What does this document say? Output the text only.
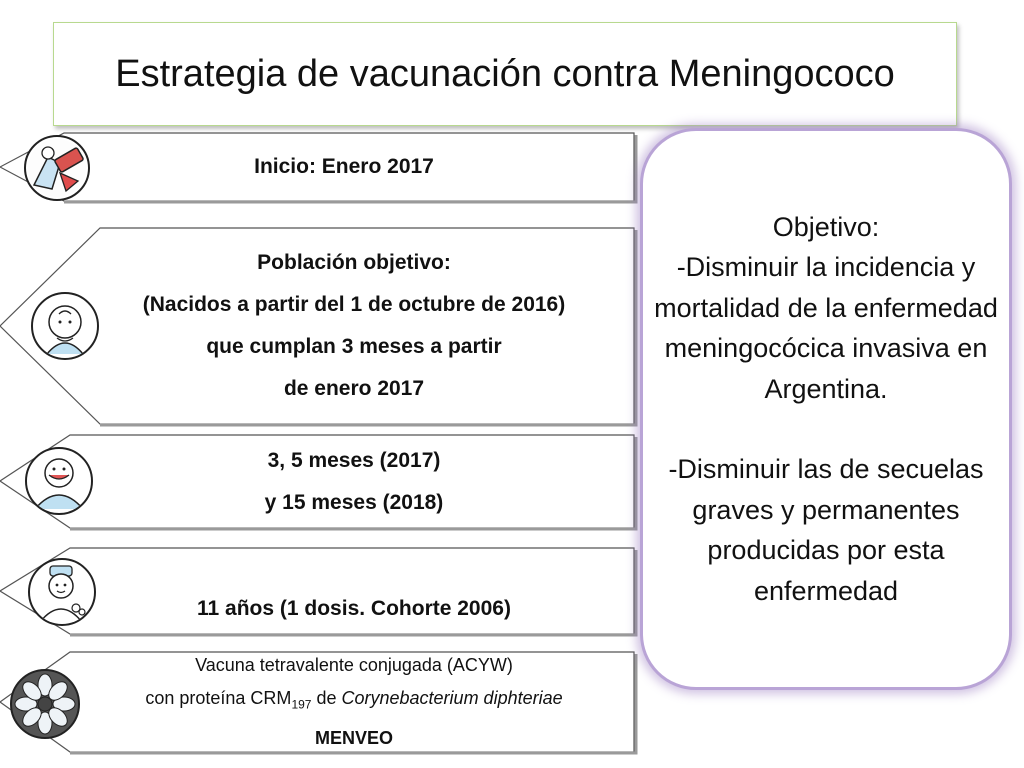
Estrategia de vacunación contra Meningococo
Inicio: Enero 2017
Población objetivo:
(Nacidos a partir del 1 de octubre de 2016)
que cumplan 3 meses a partir
de enero 2017
3, 5 meses (2017)
y 15 meses (2018)
11 años (1 dosis. Cohorte 2006)
Vacuna tetravalente conjugada (ACYW)
con proteína $CRM_{197}$ de Corynebacterium diphteriae
MENVEO

Objetivo:

-Disminuir la incidencia y mortalidad de la enfermedad meningocócica invasiva en Argentina.

-Disminuir las de secuelas graves y permanentes producidas por esta enfermedad
